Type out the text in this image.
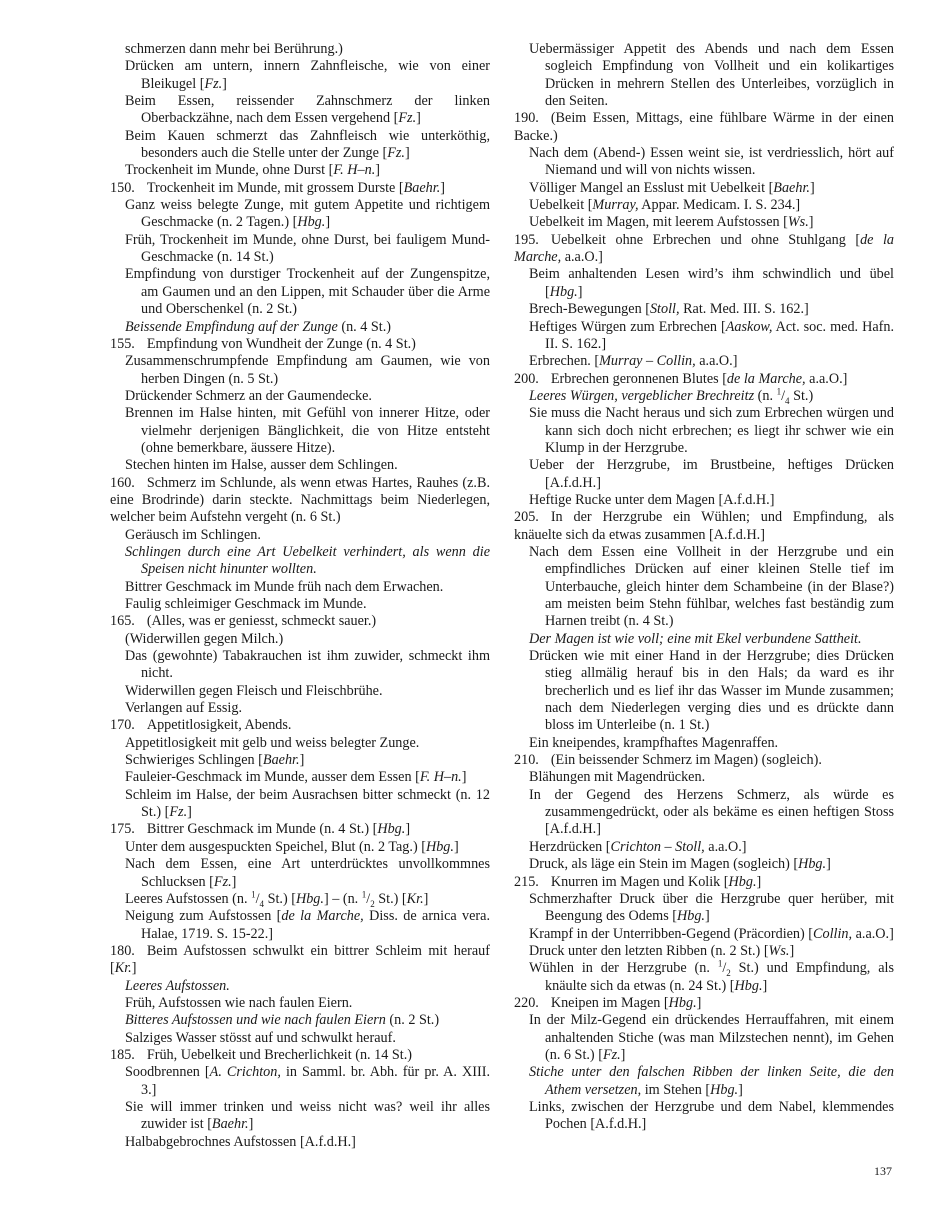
schmerzen dann mehr bei Berührung.)

Drücken am untern, innern Zahnfleische, wie von einer Bleikugel [Fz.]

Beim Essen, reissender Zahnschmerz der linken Oberbackzähne, nach dem Essen vergehend [Fz.]

Beim Kauen schmerzt das Zahnfleisch wie unterköthig, besonders auch die Stelle unter der Zunge [Fz.]

Trockenheit im Munde, ohne Durst [F. H–n.]

150.   Trockenheit im Munde, mit grossem Durste [Baehr.]

Ganz weiss belegte Zunge, mit gutem Appetite und richtigem Geschmacke (n. 2 Tagen.) [Hbg.]

Früh, Trockenheit im Munde, ohne Durst, bei fauligem Mund-Geschmacke (n. 14 St.)

Empfindung von durstiger Trockenheit auf der Zungenspitze, am Gaumen und an den Lippen, mit Schauder über die Arme und Oberschenkel (n. 2 St.)

Beissende Empfindung auf der Zunge (n. 4 St.)

155.   Empfindung von Wundheit der Zunge (n. 4 St.)

Zusammenschrumpfende Empfindung am Gaumen, wie von herben Dingen (n. 5 St.)

Drückender Schmerz an der Gaumendecke.

Brennen im Halse hinten, mit Gefühl von innerer Hitze, oder vielmehr derjenigen Bänglichkeit, die von Hitze entsteht (ohne bemerkbare, äussere Hitze).

Stechen hinten im Halse, ausser dem Schlingen.

160.   Schmerz im Schlunde, als wenn etwas Hartes, Rauhes (z.B. eine Brodrinde) darin steckte. Nachmittags beim Niederlegen, welcher beim Aufstehn vergeht (n. 6 St.)

Geräusch im Schlingen.

Schlingen durch eine Art Uebelkeit verhindert, als wenn die Speisen nicht hinunter wollten.

Bittrer Geschmack im Munde früh nach dem Erwachen.

Faulig schleimiger Geschmack im Munde.

165.   (Alles, was er geniesst, schmeckt sauer.)

(Widerwillen gegen Milch.)

Das (gewohnte) Tabakrauchen ist ihm zuwider, schmeckt ihm nicht.

Widerwillen gegen Fleisch und Fleischbrühe.

Verlangen auf Essig.

170.   Appetitlosigkeit, Abends.

Appetitlosigkeit mit gelb und weiss belegter Zunge.

Schwieriges Schlingen [Baehr.]

Fauleier-Geschmack im Munde, ausser dem Essen [F. H–n.]

Schleim im Halse, der beim Ausrachsen bitter schmeckt (n. 12 St.) [Fz.]

175.   Bittrer Geschmack im Munde (n. 4 St.) [Hbg.]

Unter dem ausgespuckten Speichel, Blut (n. 2 Tag.) [Hbg.]

Nach dem Essen, eine Art unterdrücktes unvollkommnes Schlucksen [Fz.]

Leeres Aufstossen (n. $^1/_4$ St.) [Hbg.] – (n. $^1/_2$ St.) [Kr.]

Neigung zum Aufstossen [de la Marche, Diss. de arnica vera. Halae, 1719. S. 15-22.]

180.   Beim Aufstossen schwulkt ein bittrer Schleim mit herauf [Kr.]

Leeres Aufstossen.

Früh, Aufstossen wie nach faulen Eiern.

Bitteres Aufstossen und wie nach faulen Eiern (n. 2 St.)

Salziges Wasser stösst auf und schwulkt herauf.

185.   Früh, Uebelkeit und Brecherlichkeit (n. 14 St.)

Soodbrennen [A. Crichton, in Samml. br. Abh. für pr. A. XIII. 3.]

Sie will immer trinken und weiss nicht was? weil ihr alles zuwider ist [Baehr.]

Halbabgebrochnes Aufstossen [A.f.d.H.]

Uebermässiger Appetit des Abends und nach dem Essen sogleich Empfindung von Vollheit und ein kolikartiges Drücken in mehrern Stellen des Unterleibes, vorzüglich in den Seiten.

190.   (Beim Essen, Mittags, eine fühlbare Wärme in der einen Backe.)

Nach dem (Abend-) Essen weint sie, ist verdriesslich, hört auf Niemand und will von nichts wissen.

Völliger Mangel an Esslust mit Uebelkeit [Baehr.]

Uebelkeit [Murray, Appar. Medicam. I. S. 234.]

Uebelkeit im Magen, mit leerem Aufstossen [Ws.]

195.   Uebelkeit ohne Erbrechen und ohne Stuhlgang [de la Marche, a.a.O.]

Beim anhaltenden Lesen wird’s ihm schwindlich und übel [Hbg.]

Brech-Bewegungen [Stoll, Rat. Med. III. S. 162.]

Heftiges Würgen zum Erbrechen [Aaskow, Act. soc. med. Hafn. II. S. 162.]

Erbrechen. [Murray – Collin, a.a.O.]

200.   Erbrechen geronnenen Blutes [de la Marche, a.a.O.]

Leeres Würgen, vergeblicher Brechreitz (n. $^1/_4$ St.)

Sie muss die Nacht heraus und sich zum Erbrechen würgen und kann sich doch nicht erbrechen; es liegt ihr schwer wie ein Klump in der Herzgrube.

Ueber der Herzgrube, im Brustbeine, heftiges Drücken [A.f.d.H.]

Heftige Rucke unter dem Magen [A.f.d.H.]

205.   In der Herzgrube ein Wühlen; und Empfindung, als knäuelte sich da etwas zusammen [A.f.d.H.]

Nach dem Essen eine Vollheit in der Herzgrube und ein empfindliches Drücken auf einer kleinen Stelle tief im Unterbauche, gleich hinter dem Schambeine (in der Blase?) am meisten beim Stehn fühlbar, welches fast beständig zum Harnen treibt (n. 4 St.)

Der Magen ist wie voll; eine mit Ekel verbundene Sattheit.

Drücken wie mit einer Hand in der Herzgrube; dies Drücken stieg allmälig herauf bis in den Hals; da ward es ihr brecherlich und es lief ihr das Wasser im Munde zusammen; nach dem Niederlegen verging dies und es drückte dann bloss im Unterleibe (n. 1 St.)

Ein kneipendes, krampfhaftes Magenraffen.

210.   (Ein beissender Schmerz im Magen) (sogleich).

Blähungen mit Magendrücken.

In der Gegend des Herzens Schmerz, als würde es zusammengedrückt, oder als bekäme es einen heftigen Stoss [A.f.d.H.]

Herzdrücken [Crichton – Stoll, a.a.O.]

Druck, als läge ein Stein im Magen (sogleich) [Hbg.]

215.   Knurren im Magen und Kolik [Hbg.]

Schmerzhafter Druck über die Herzgrube quer herüber, mit Beengung des Odems [Hbg.]

Krampf in der Unterribben-Gegend (Präcordien) [Collin, a.a.O.]

Druck unter den letzten Ribben (n. 2 St.) [Ws.]

Wühlen in der Herzgrube (n. $^1/_2$ St.) und Empfindung, als knäulte sich da etwas (n. 24 St.) [Hbg.]

220.   Kneipen im Magen [Hbg.]

In der Milz-Gegend ein drückendes Herrauffahren, mit einem anhaltenden Stiche (was man Milzstechen nennt), im Gehen (n. 6 St.) [Fz.]

Stiche unter den falschen Ribben der linken Seite, die den Athem versetzen, im Stehen [Hbg.]

Links, zwischen der Herzgrube und dem Nabel, klemmendes Pochen [A.f.d.H.]

137
